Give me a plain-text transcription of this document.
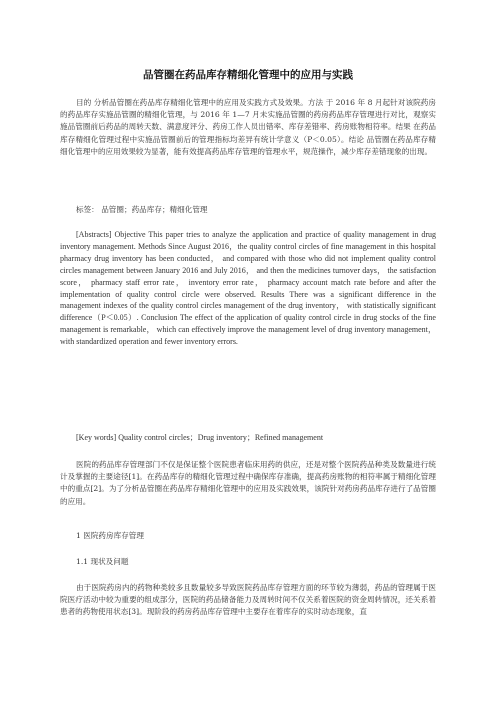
品管圈在药品库存精细化管理中的应用与实践

目的 分析品管圈在药品库存精细化管理中的应用及实践方式及效果。方法 于 2016 年 8 月起针对该院药房的药品库存实施品管圈的精细化管理，与 2016 年 1—7 月未实施品管圈的药房药品库存管理进行对比，观察实施品管圈前后药品的周转天数、满意度评分、药房工作人员出错率、库存差错率、药房账物相符率。结果 在药品库存精细化管理过程中实施品管圈前后的管理指标均差异有统计学意义（P＜0.05）。结论 品管圈在药品库存精细化管理中的应用效果较为显著，能有效提高药品库存管理的管理水平，规范操作，减少库存差错现象的出现。

标签： 品管圈；药品库存；精细化管理

[Abstracts] Objective This paper tries to analyze the application and practice of quality management in drug inventory management. Methods Since August 2016，the quality control circles of fine management in this hospital pharmacy drug inventory has been conducted， and compared with those who did not implement quality control circles management between January 2016 and July 2016， and then the medicines turnover days， the satisfaction score， pharmacy staff error rate， inventory error rate， pharmacy account match rate before and after the implementation of quality control circle were observed. Results There was a significant difference in the management indexes of the quality control circles management of the drug inventory， with statistically significant difference（P＜0.05）. Conclusion The effect of the application of quality control circle in drug stocks of the fine management is remarkable， which can effectively improve the management level of drug inventory management， with standardized operation and fewer inventory errors.

[Key words] Quality control circles；Drug inventory；Refined management

医院的药品库存管理部门不仅是保证整个医院患者临床用药的供应，还是对整个医院药品种类及数量进行统计及掌握的主要途径[1]。在药品库存的精细化管理过程中确保库存准确，提高药房账物的相符率属于精细化管理中的重点[2]。为了分析品管圈在药品库存精细化管理中的应用及实践效果，该院针对药房药品库存进行了品管圈的应用。

1 医院药房库存管理

1.1 现状及问题

由于医院药房内的药物种类较多且数量较多导致医院药品库存管理方面的环节较为薄弱，药品的管理属于医院医疗活动中较为重要的组成部分，医院的药品储备能力及周转时间不仅关系着医院的资金周转情况，还关系着患者的药物使用状态[3]。现阶段的药房药品库存管理中主要存在着库存的实时动态现象，直
